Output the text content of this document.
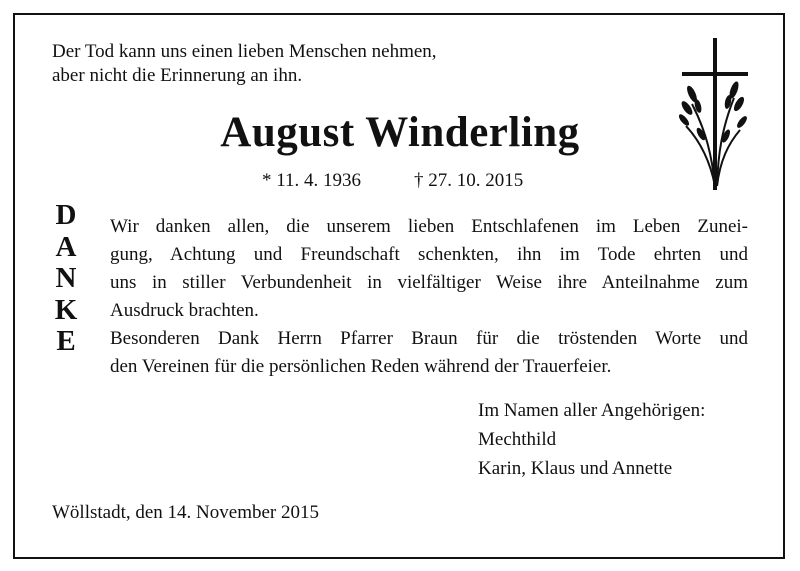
Der Tod kann uns einen lieben Menschen nehmen,
aber nicht die Erinnerung an ihn.
August Winderling
* 11. 4. 1936	† 27. 10. 2015
D
A
N
K
E
Wir danken allen, die unserem lieben Entschlafenen im Leben Zunei-
gung, Achtung und Freundschaft schenkten, ihn im Tode ehrten und
uns in stiller Verbundenheit in vielfältiger Weise ihre Anteilnahme zum
Ausdruck brachten.
Besonderen Dank Herrn Pfarrer Braun für die tröstenden Worte und
den Vereinen für die persönlichen Reden während der Trauerfeier.
Im Namen aller Angehörigen:
Mechthild
Karin, Klaus und Annette
Wöllstadt, den 14. November 2015
